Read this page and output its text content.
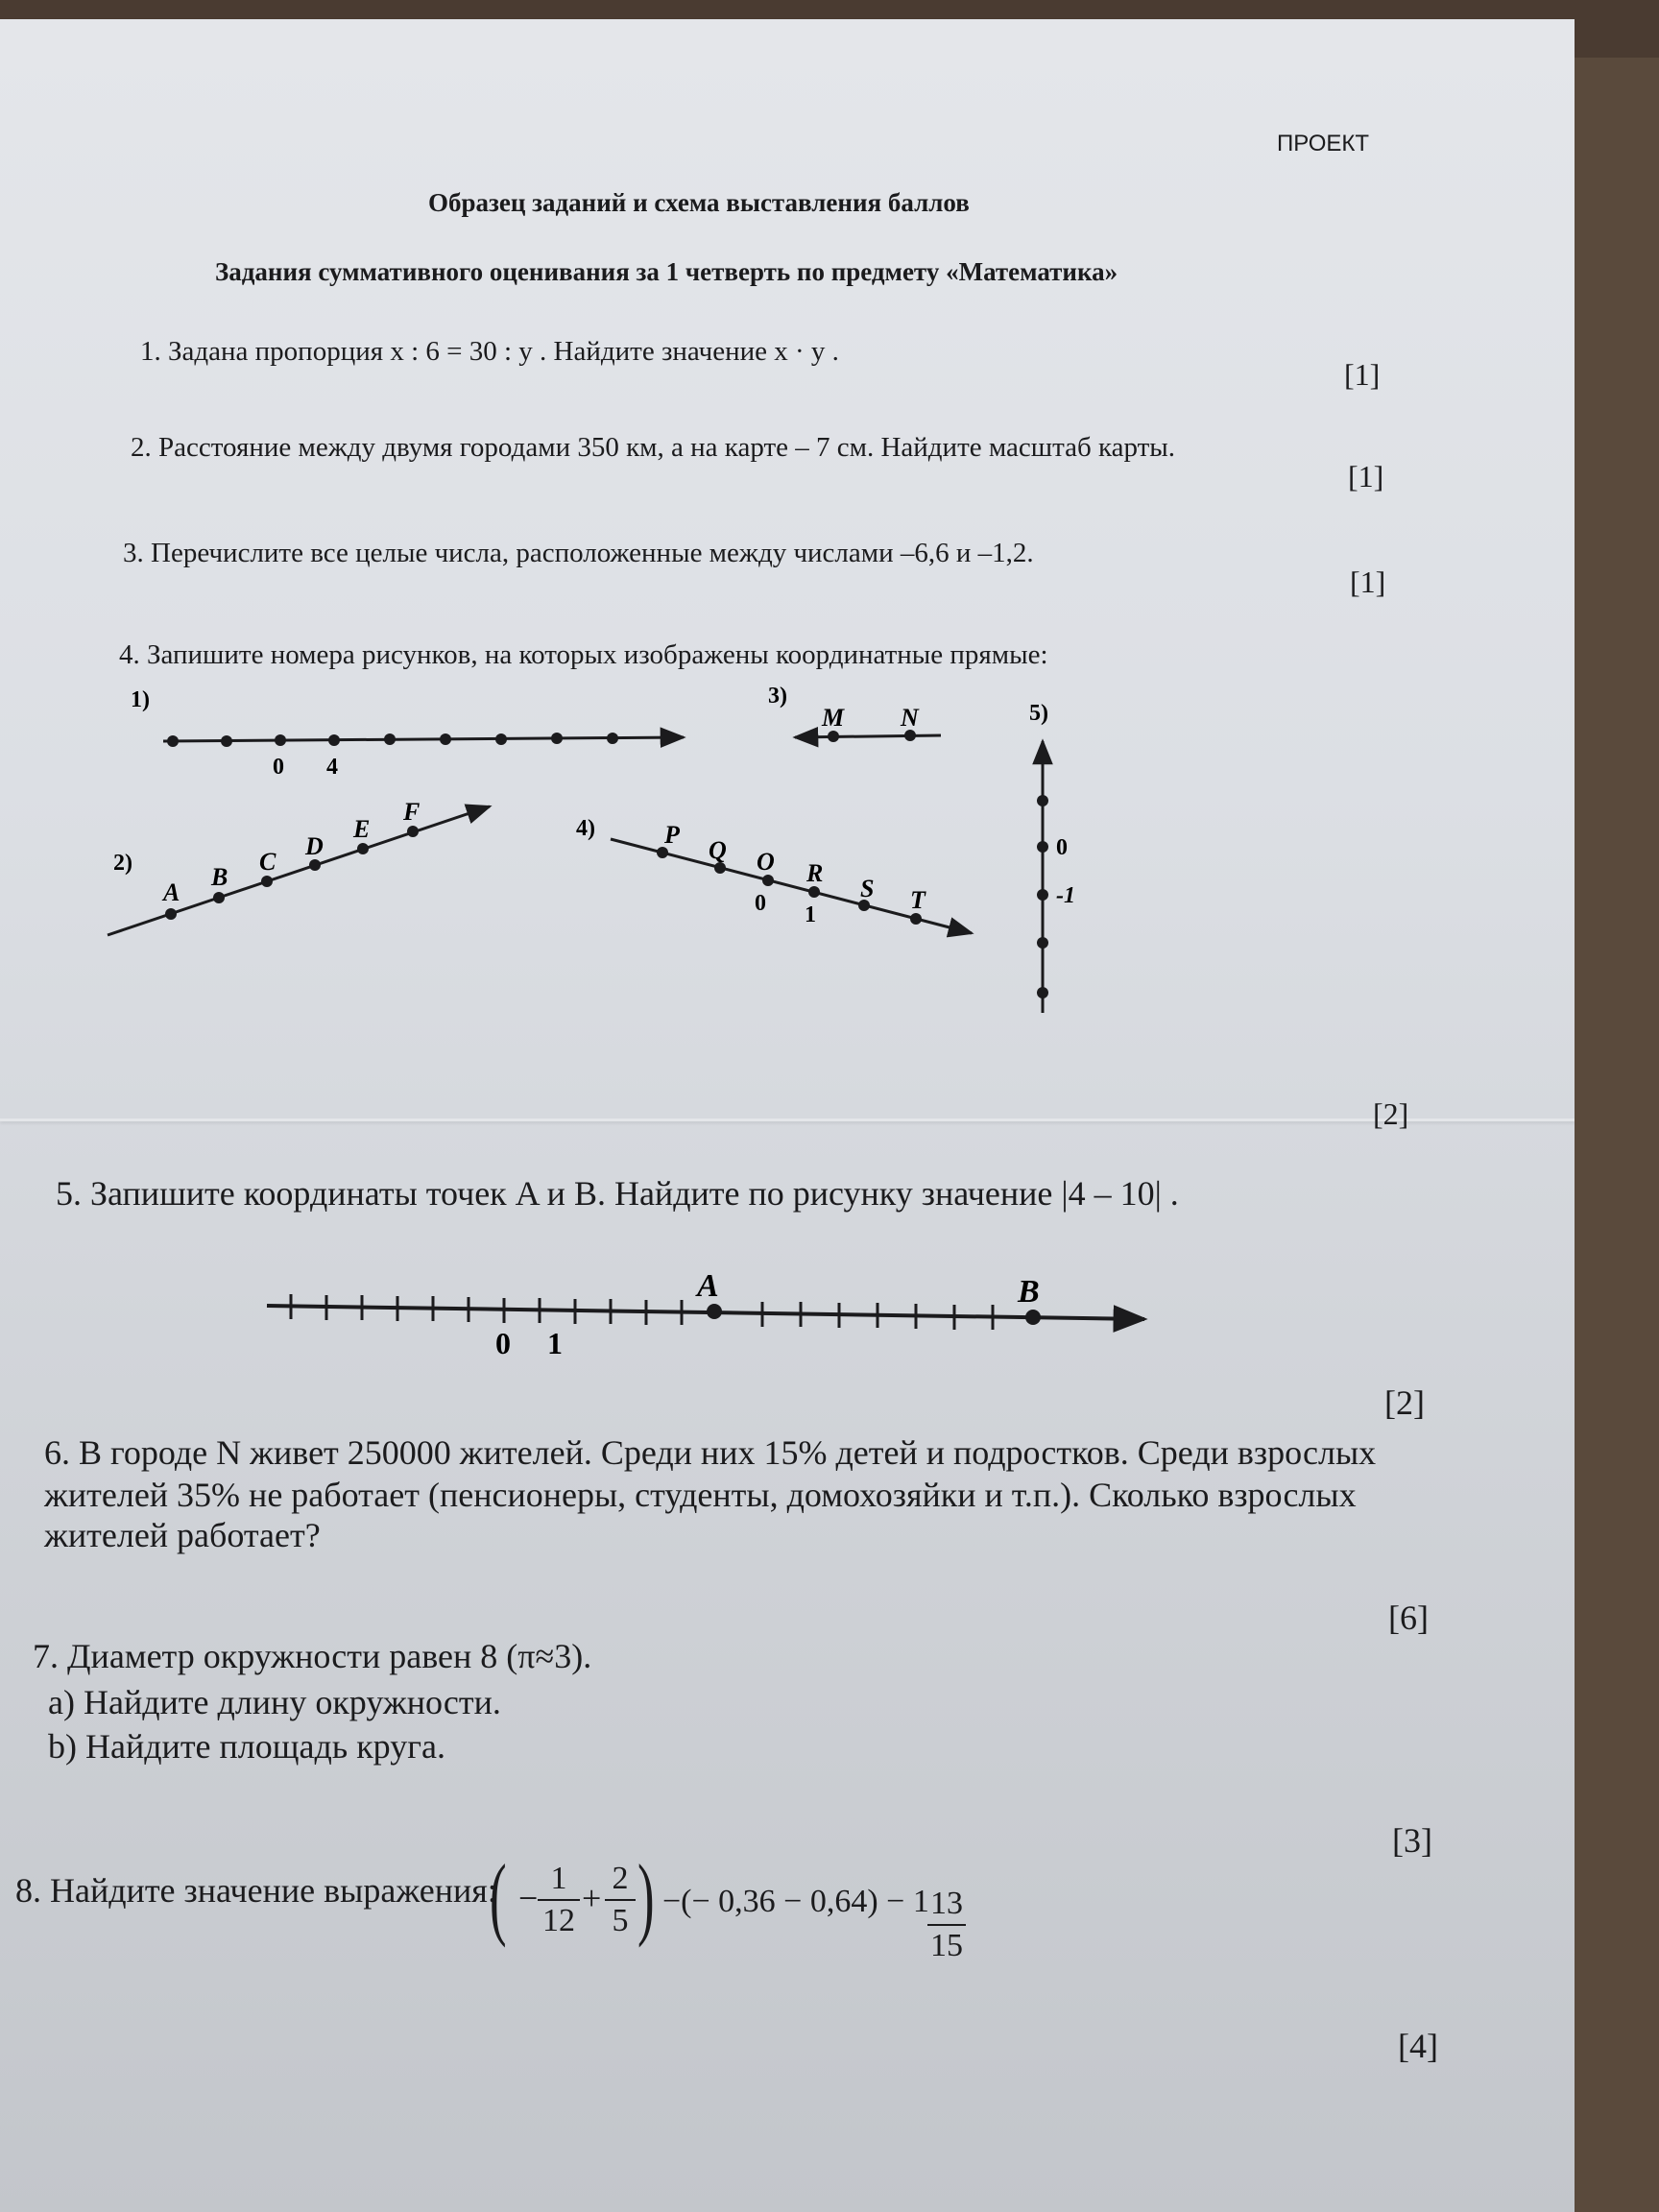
ПРОЕКТ
Образец заданий и схема выставления баллов
Задания суммативного оценивания за 1 четверть по предмету «Математика»
1. Задана пропорция x : 6 = 30 : y . Найдите значение x · y .
[1]
2. Расстояние между двумя городами 350 км, а на карте – 7 см. Найдите масштаб карты.
[1]
3. Перечислите все целые числа, расположенные между числами –6,6 и –1,2.
[1]
4. Запишите номера рисунков, на которых изображены координатные прямые:
1)
0 4
2)
A
B
C
D
E
F
3)
M N
4)	P
Q O R
S T
0 1
5)
0
-1
A	B
0 1
[2]
5. Запишите координаты точек A и B. Найдите по рисунку значение |4 – 10| .
[2]
6. В городе N живет 250000 жителей. Среди них 15% детей и подростков. Среди взрослых
жителей 35% не работает (пенсионеры, студенты, домохозяйки и т.п.). Сколько взрослых
жителей работает?
[6]
7. Диаметр окружности равен 8 (π≈3).
a) Найдите длину окружности.
b) Найдите площадь круга.
[3]
8. Найдите значение выражения:
( −
1
12
+
2
5 ) −(− 0,36 − 0,64) − 1 13
15
[4]
